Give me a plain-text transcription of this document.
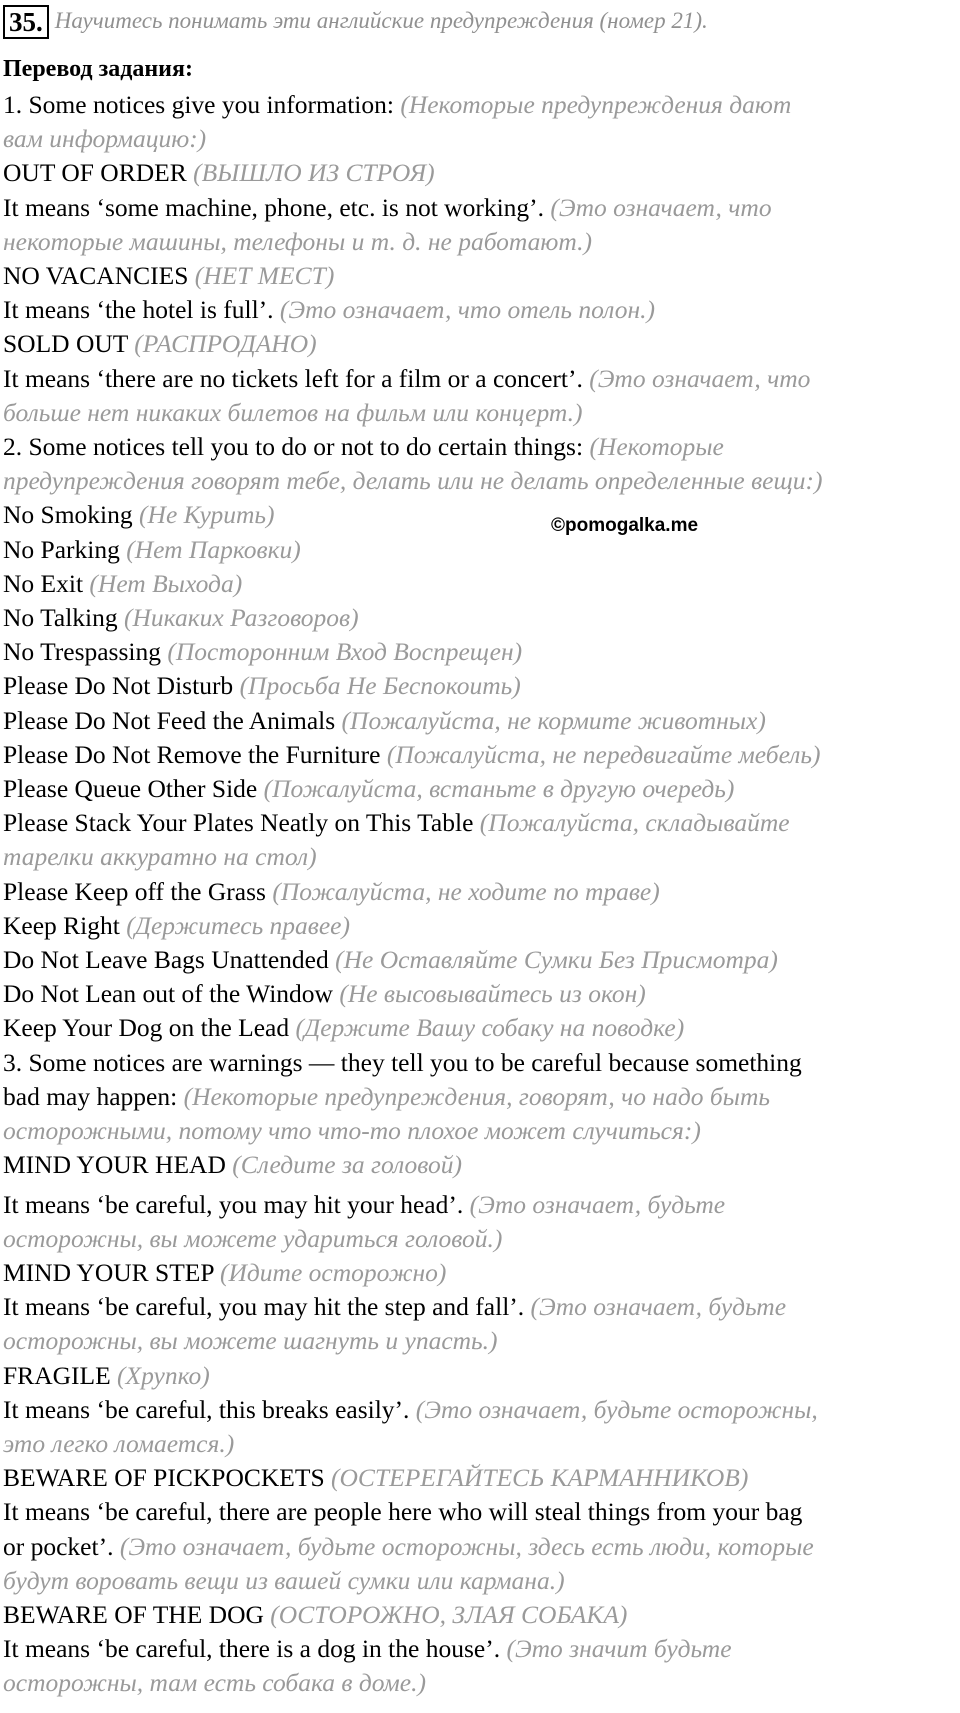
35. Научитесь понимать эти английские предупреждения (номер 21).
Перевод задания:
1. Some notices give you information: (Некоторые предупреждения дают
вам информацию:)
OUT OF ORDER (ВЫШЛО ИЗ СТРОЯ)
It means ‘some machine, phone, etc. is not working’. (Это означает, что
некоторые машины, телефоны и т. д. не работают.)
NO VACANCIES (НЕТ МЕСТ)
It means ‘the hotel is full’. (Это означает, что отель полон.)
SOLD OUT (РАСПРОДАНО)
It means ‘there are no tickets left for a film or a concert’. (Это означает, что
больше нет никаких билетов на фильм или концерт.)
2. Some notices tell you to do or not to do certain things: (Некоторые
предупреждения говорят тебе, делать или не делать определенные вещи:)
No Smoking (Не Курить)
No Parking (Нет Парковки)
No Exit (Нет Выхода)
No Talking (Никаких Разговоров)
No Trespassing (Посторонним Вход Воспрещен)
Please Do Not Disturb (Просьба Не Беспокоить)
Please Do Not Feed the Animals (Пожалуйста, не кормите животных)
Please Do Not Remove the Furniture (Пожалуйста, не передвигайте мебель)
Please Queue Other Side (Пожалуйста, встаньте в другую очередь)
Please Stack Your Plates Neatly on This Table (Пожалуйста, складывайте
тарелки аккуратно на стол)
Please Keep off the Grass (Пожалуйста, не ходите по траве)
Keep Right (Держитесь правее)
Do Not Leave Bags Unattended (Не Оставляйте Сумки Без Присмотра)
Do Not Lean out of the Window (Не высовывайтесь из окон)
Keep Your Dog on the Lead (Держите Вашу собаку на поводке)
3. Some notices are warnings — they tell you to be careful because something
bad may happen: (Некоторые предупреждения, говорят, чо надо быть
осторожными, потому что что-то плохое может случиться:)
MIND YOUR HEAD (Следите за головой)
It means ‘be careful, you may hit your head’. (Это означает, будьте
осторожны, вы можете удариться головой.)
MIND YOUR STEP (Идите осторожно)
It means ‘be careful, you may hit the step and fall’. (Это означает, будьте
осторожны, вы можете шагнуть и упасть.)
FRAGILE (Хрупко)
It means ‘be careful, this breaks easily’. (Это означает, будьте осторожны,
это легко ломается.)
BEWARE OF PICKPOCKETS (ОСТЕРЕГАЙТЕСЬ КАРМАННИКОВ)
It means ‘be careful, there are people here who will steal things from your bag
or pocket’. (Это означает, будьте осторожны, здесь есть люди, которые
будут воровать вещи из вашей сумки или кармана.)
BEWARE OF THE DOG (ОСТОРОЖНО, ЗЛАЯ СОБАКА)
It means ‘be careful, there is a dog in the house’. (Это значит будьте
осторожны, там есть собака в доме.)
©pomogalka.me
